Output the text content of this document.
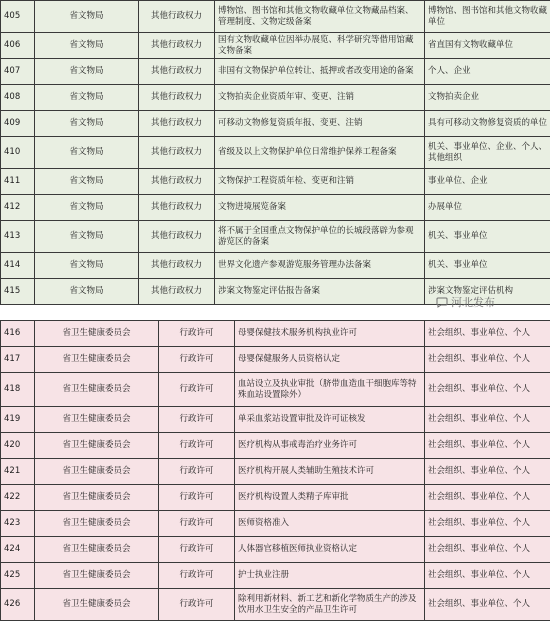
405	省文物局	其他行政权力	博物馆、图书馆和其他文物收藏单位文物藏品档案、管理制度、文物定级备案	博物馆、图书馆和其他文物收藏单位
406	省文物局	其他行政权力	国有文物收藏单位因举办展览、科学研究等借用馆藏文物备案	省直国有文物收藏单位
407	省文物局	其他行政权力	非国有文物保护单位转让、抵押或者改变用途的备案	个人、企业
408	省文物局	其他行政权力	文物拍卖企业资质年审、变更、注销	文物拍卖企业
409	省文物局	其他行政权力	可移动文物修复资质年报、变更、注销	具有可移动文物修复资质的单位
410	省文物局	其他行政权力	省级及以上文物保护单位日常维护保养工程备案	机关、事业单位、企业、个人、其他组织
411	省文物局	其他行政权力	文物保护工程资质年检、变更和注销	事业单位、企业
412	省文物局	其他行政权力	文物进境展览备案	办展单位
413	省文物局	其他行政权力	将不属于全国重点文物保护单位的长城段落辟为参观游览区的备案	机关、事业单位
414	省文物局	其他行政权力	世界文化遗产参观游览服务管理办法备案	机关、事业单位
415	省文物局	其他行政权力	涉案文物鉴定评估报告备案	涉案文物鉴定评估机构
416	省卫生健康委员会	行政许可	母婴保健技术服务机构执业许可	社会组织、事业单位、个人
417	省卫生健康委员会	行政许可	母婴保健服务人员资格认定	社会组织、事业单位、个人
418	省卫生健康委员会	行政许可	血站设立及执业审批（脐带血造血干细胞库等特殊血站设置除外）	社会组织、事业单位、个人
419	省卫生健康委员会	行政许可	单采血浆站设置审批及许可证核发	社会组织、事业单位、个人
420	省卫生健康委员会	行政许可	医疗机构从事戒毒治疗业务许可	社会组织、事业单位、个人
421	省卫生健康委员会	行政许可	医疗机构开展人类辅助生殖技术许可	社会组织、事业单位、个人
422	省卫生健康委员会	行政许可	医疗机构设置人类精子库审批	社会组织、事业单位、个人
423	省卫生健康委员会	行政许可	医师资格准入	社会组织、事业单位、个人
424	省卫生健康委员会	行政许可	人体器官移植医师执业资格认定	社会组织、事业单位、个人
425	省卫生健康委员会	行政许可	护士执业注册	社会组织、事业单位、个人
426	省卫生健康委员会	行政许可	除利用新材料、新工艺和新化学物质生产的涉及饮用水卫生安全的产品卫生许可	社会组织、事业单位、个人
河北发布
